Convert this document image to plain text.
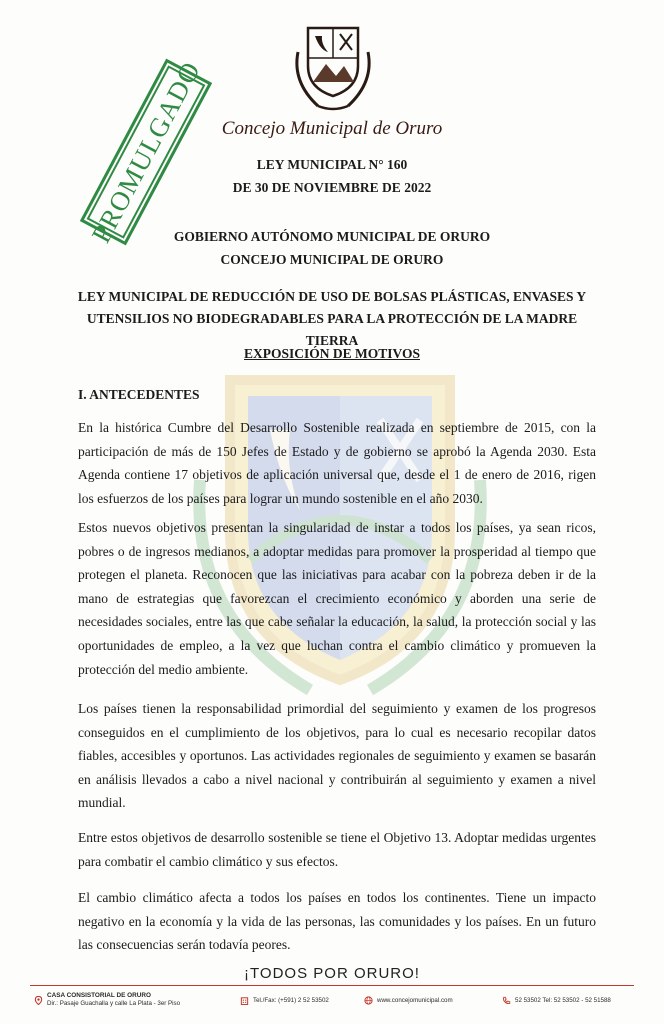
PROMULGADO Concejo Municipal de Oruro
LEY MUNICIPAL N° 160
DE 30 DE NOVIEMBRE DE 2022
GOBIERNO AUTÓNOMO MUNICIPAL DE ORURO
CONCEJO MUNICIPAL DE ORURO
LEY MUNICIPAL DE REDUCCIÓN DE USO DE BOLSAS PLÁSTICAS, ENVASES Y
UTENSILIOS NO BIODEGRADABLES PARA LA PROTECCIÓN DE LA MADRE TIERRA
EXPOSICIÓN DE MOTIVOS
I. ANTECEDENTES

En la histórica Cumbre del Desarrollo Sostenible realizada en septiembre de 2015, con la participación de más de 150 Jefes de Estado y de gobierno se aprobó la Agenda 2030. Esta Agenda contiene 17 objetivos de aplicación universal que, desde el 1 de enero de 2016, rigen los esfuerzos de los países para lograr un mundo sostenible en el año 2030.

Estos nuevos objetivos presentan la singularidad de instar a todos los países, ya sean ricos, pobres o de ingresos medianos, a adoptar medidas para promover la prosperidad al tiempo que protegen el planeta. Reconocen que las iniciativas para acabar con la pobreza deben ir de la mano de estrategias que favorezcan el crecimiento económico y aborden una serie de necesidades sociales, entre las que cabe señalar la educación, la salud, la protección social y las oportunidades de empleo, a la vez que luchan contra el cambio climático y promueven la protección del medio ambiente.

Los países tienen la responsabilidad primordial del seguimiento y examen de los progresos conseguidos en el cumplimiento de los objetivos, para lo cual es necesario recopilar datos fiables, accesibles y oportunos. Las actividades regionales de seguimiento y examen se basarán en análisis llevados a cabo a nivel nacional y contribuirán al seguimiento y examen a nivel mundial.

Entre estos objetivos de desarrollo sostenible se tiene el Objetivo 13. Adoptar medidas urgentes para combatir el cambio climático y sus efectos.

El cambio climático afecta a todos los países en todos los continentes. Tiene un impacto negativo en la economía y la vida de las personas, las comunidades y los países. En un futuro las consecuencias serán todavía peores.

¡TODOS POR ORURO!
CASA CONSISTORIAL DE ORURO
Dir.: Pasaje Guachalla y calle La Plata - 3er Piso	Tel./Fax: (+591) 2 52 53502	www.concejomunicipal.com	52 53502 Tel: 52 53502 - 52 51588
